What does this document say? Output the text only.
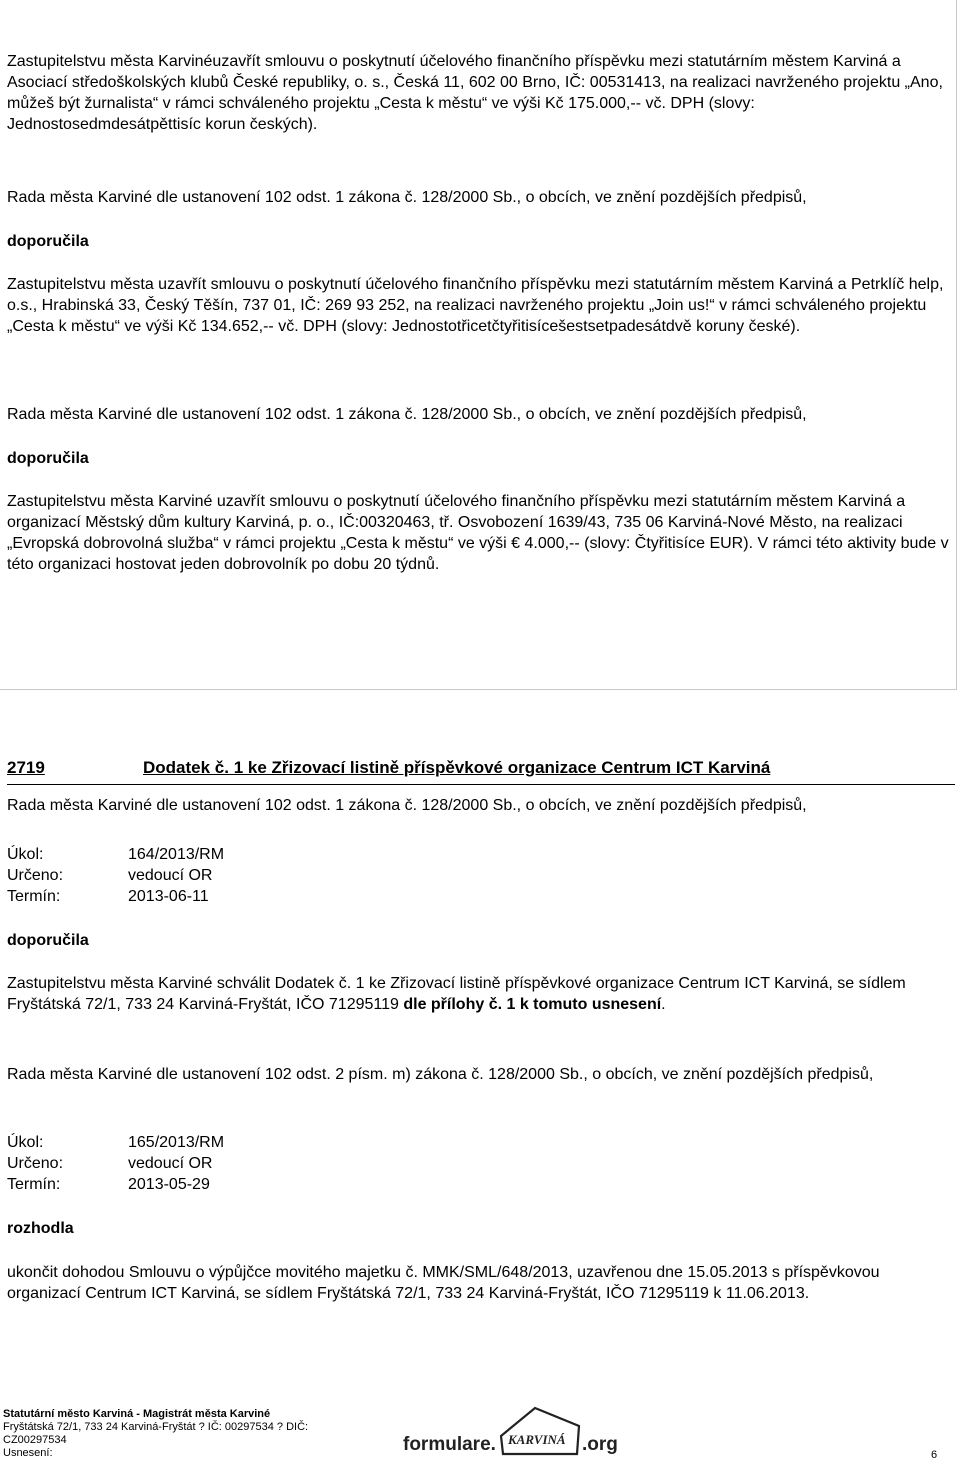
Zastupitelstvu města Karvinéuzavřít smlouvu o poskytnutí účelového finančního příspěvku mezi statutárním městem Karviná a Asociací středoškolských klubů České republiky, o. s., Česká 11, 602 00 Brno, IČ: 00531413, na realizaci navrženého projektu „Ano, můžeš být žurnalista“ v rámci schváleného projektu „Cesta k městu“ ve výši Kč 175.000,-- vč. DPH (slovy: Jednostosedmdesátpěttisíc korun českých).

Rada města Karviné dle ustanovení 102 odst. 1 zákona č. 128/2000 Sb., o obcích, ve znění pozdějších předpisů,

doporučila

Zastupitelstvu města uzavřít smlouvu o poskytnutí účelového finančního příspěvku mezi statutárním městem Karviná a Petrklíč help, o.s., Hrabinská 33, Český Těšín, 737 01, IČ: 269 93 252, na realizaci navrženého projektu „Join us!“ v rámci schváleného projektu „Cesta k městu“ ve výši Kč 134.652,-- vč. DPH (slovy: Jednostotřicetčtyřitisícešestsetpadesátdvě koruny české).

Rada města Karviné dle ustanovení 102 odst. 1 zákona č. 128/2000 Sb., o obcích, ve znění pozdějších předpisů,

doporučila

Zastupitelstvu města Karviné uzavřít smlouvu o poskytnutí účelového finančního příspěvku mezi statutárním městem Karviná a organizací Městský dům kultury Karviná, p. o., IČ:00320463, tř. Osvobození 1639/43, 735 06 Karviná-Nové Město, na realizaci „Evropská dobrovolná služba“ v rámci projektu „Cesta k městu“ ve výši € 4.000,-- (slovy: Čtyřitisíce EUR). V rámci této aktivity bude v této organizaci hostovat jeden dobrovolník po dobu 20 týdnů.

2719	Dodatek č. 1 ke Zřizovací listině příspěvkové organizace Centrum ICT Karviná

Rada města Karviné dle ustanovení 102 odst. 1 zákona č. 128/2000 Sb., o obcích, ve znění pozdějších předpisů,

Úkol:	164/2013/RM
Určeno:	vedoucí OR
Termín:	2013-06-11

doporučila

Zastupitelstvu města Karviné schválit Dodatek č. 1 ke Zřizovací listině příspěvkové organizace Centrum ICT Karviná, se sídlem Fryštátská 72/1, 733 24 Karviná-Fryštát, IČO 71295119 dle přílohy č. 1 k tomuto usnesení.

Rada města Karviné dle ustanovení 102 odst. 2 písm. m) zákona č. 128/2000 Sb., o obcích, ve znění pozdějších předpisů,

Úkol:	165/2013/RM
Určeno:	vedoucí OR
Termín:	2013-05-29

rozhodla

ukončit dohodou Smlouvu o výpůjčce movitého majetku č. MMK/SML/648/2013, uzavřenou dne 15.05.2013 s příspěvkovou organizací Centrum ICT Karviná, se sídlem Fryštátská 72/1, 733 24 Karviná-Fryštát, IČO 71295119 k 11.06.2013.

Statutární město Karviná - Magistrát města Karviné
Fryštátská 72/1, 733 24 Karviná-Fryštát ? IČ: 00297534 ? DIČ:
CZ00297534
Usnesení:	formulare. KARVINÁ .org	6
